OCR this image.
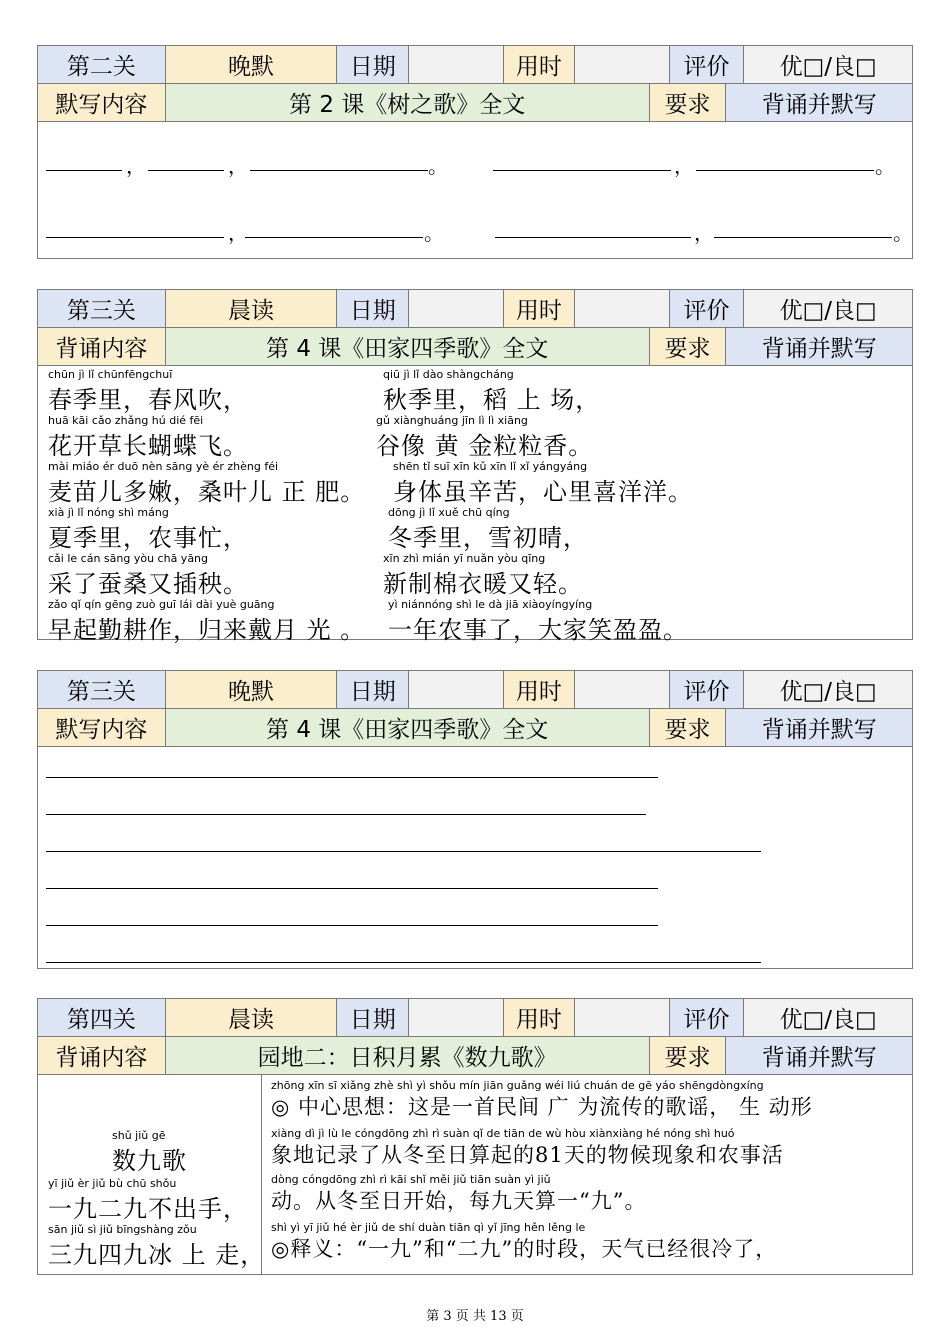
第二关	晚默	日期	用时	评价	优□/良□
默写内容	第 2 课《树之歌》全文	要求	背诵并默写
，	，	。	，	。
，	。	，	。
第三关	晨读	日期	用时	评价	优□/良□
背诵内容	第 4 课《田家四季歌》全文	要求	背诵并默写
chūn jì lǐ chūnfēngchuī
春季里，春风吹，
huā kāi cǎo zhǎng hú dié fēi
花开草长蝴蝶飞。
mài miáo ér duō nèn sāng yè ér zhèng féi
麦苗儿多嫩，桑叶儿 正 肥。
xià jì lǐ nóng shì máng
夏季里，农事忙，
cǎi le cán sāng yòu chā yāng
采了蚕桑又插秧。
zǎo qǐ qín gēng zuò guī lái dài yuè guāng
早起勤耕作，归来戴月 光 。
qiū jì lǐ dào shàngcháng
秋季里，稻 上 场，
gǔ xiànghuáng jīn lì lì xiāng
谷像 黄 金粒粒香。
shēn tǐ suī xīn kǔ xīn lǐ xǐ yángyáng
身体虽辛苦，心里喜洋洋。
dōng jì lǐ xuě chū qíng
冬季里，雪初晴，
xīn zhì mián yī nuǎn yòu qīng
新制棉衣暖又轻。
yì niánnóng shì le dà jiā xiàoyíngyíng
一年农事了，大家笑盈盈。
第三关	晚默	日期	用时	评价	优□/良□
默写内容	第 4 课《田家四季歌》全文	要求	背诵并默写
第四关	晨读	日期	用时	评价	优□/良□
背诵内容	园地二：日积月累《数九歌》	要求	背诵并默写
shǔ jiǔ gē
数九歌
yī jiǔ èr jiǔ bù chū shǒu
一九二九不出手，
sān jiǔ sì jiǔ bīngshàng zǒu
三九四九冰 上 走，
zhōng xīn sī xiǎng zhè shì yì shǒu mín jiān guǎng wéi liú chuán de gē yáo shēngdòngxíng
◎ 中心思想：这是一首民间 广 为流传的歌谣， 生 动形
xiàng dì jì lù le cóngdōng zhì rì suàn qǐ de tiān de wù hòu xiànxiàng hé nóng shì huó
象地记录了从冬至日算起的81天的物候现象和农事活
dòng cóngdōng zhì rì kāi shǐ měi jiǔ tiān suàn yì jiǔ
动。从冬至日开始，每九天算一“九”。
shì yì yī jiǔ hé èr jiǔ de shí duàn tiān qì yǐ jīng hěn lěng le
◎释义：“一九”和“二九”的时段，天气已经很冷了，
第 3 页 共 13 页
